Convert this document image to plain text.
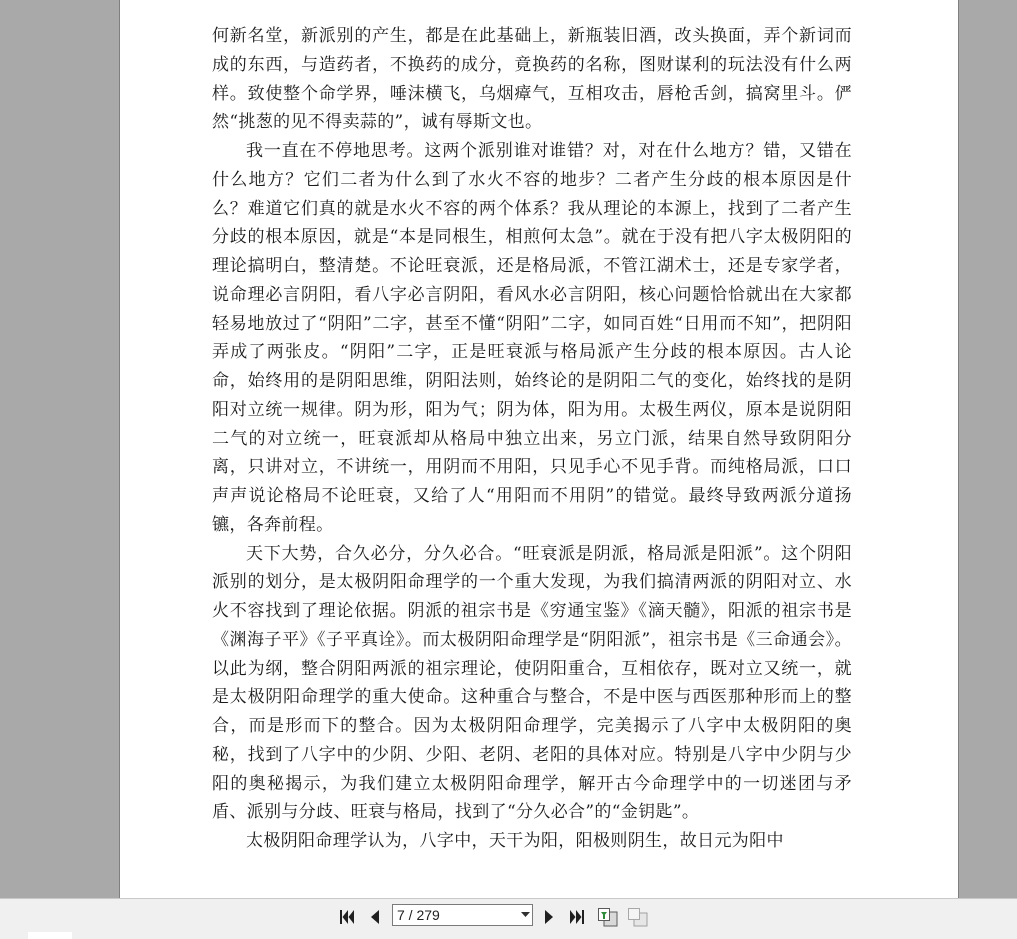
何新名堂，新派别的产生，都是在此基础上，新瓶装旧酒，改头换面，弄个新词而成的东西，与造药者，不换药的成分，竟换药的名称，图财谋利的玩法没有什么两样。致使整个命学界，唾沫横飞，乌烟瘴气，互相攻击，唇枪舌剑，搞窝里斗。俨然“挑葱的见不得卖蒜的”，诚有辱斯文也。

我一直在不停地思考。这两个派别谁对谁错？对，对在什么地方？错，又错在什么地方？它们二者为什么到了水火不容的地步？二者产生分歧的根本原因是什么？难道它们真的就是水火不容的两个体系？我从理论的本源上，找到了二者产生分歧的根本原因，就是“本是同根生，相煎何太急”。就在于没有把八字太极阴阳的理论搞明白，整清楚。不论旺衰派，还是格局派，不管江湖术士，还是专家学者，说命理必言阴阳，看八字必言阴阳，看风水必言阴阳，核心问题恰恰就出在大家都轻易地放过了“阴阳”二字，甚至不懂“阴阳”二字，如同百姓“日用而不知”，把阴阳弄成了两张皮。“阴阳”二字，正是旺衰派与格局派产生分歧的根本原因。古人论命，始终用的是阴阳思维，阴阳法则，始终论的是阴阳二气的变化，始终找的是阴阳对立统一规律。阴为形，阳为气；阴为体，阳为用。太极生两仪，原本是说阴阳二气的对立统一，旺衰派却从格局中独立出来，另立门派，结果自然导致阴阳分离，只讲对立，不讲统一，用阴而不用阳，只见手心不见手背。而纯格局派，口口声声说论格局不论旺衰，又给了人“用阳而不用阴”的错觉。最终导致两派分道扬镳，各奔前程。

天下大势，合久必分，分久必合。“旺衰派是阴派，格局派是阳派”。这个阴阳派别的划分，是太极阴阳命理学的一个重大发现，为我们搞清两派的阴阳对立、水火不容找到了理论依据。阴派的祖宗书是《穷通宝鉴》《滴天髓》，阳派的祖宗书是《渊海子平》《子平真诠》。而太极阴阳命理学是“阴阳派”，祖宗书是《三命通会》。以此为纲，整合阴阳两派的祖宗理论，使阴阳重合，互相依存，既对立又统一，就是太极阴阳命理学的重大使命。这种重合与整合，不是中医与西医那种形而上的整合，而是形而下的整合。因为太极阴阳命理学，完美揭示了八字中太极阴阳的奥秘，找到了八字中的少阴、少阳、老阴、老阳的具体对应。特别是八字中少阴与少阳的奥秘揭示，为我们建立太极阴阳命理学，解开古今命理学中的一切迷团与矛盾、派别与分歧、旺衰与格局，找到了“分久必合”的“金钥匙”。

太极阴阳命理学认为，八字中，天干为阳，阳极则阴生，故日元为阳中

7 / 279
